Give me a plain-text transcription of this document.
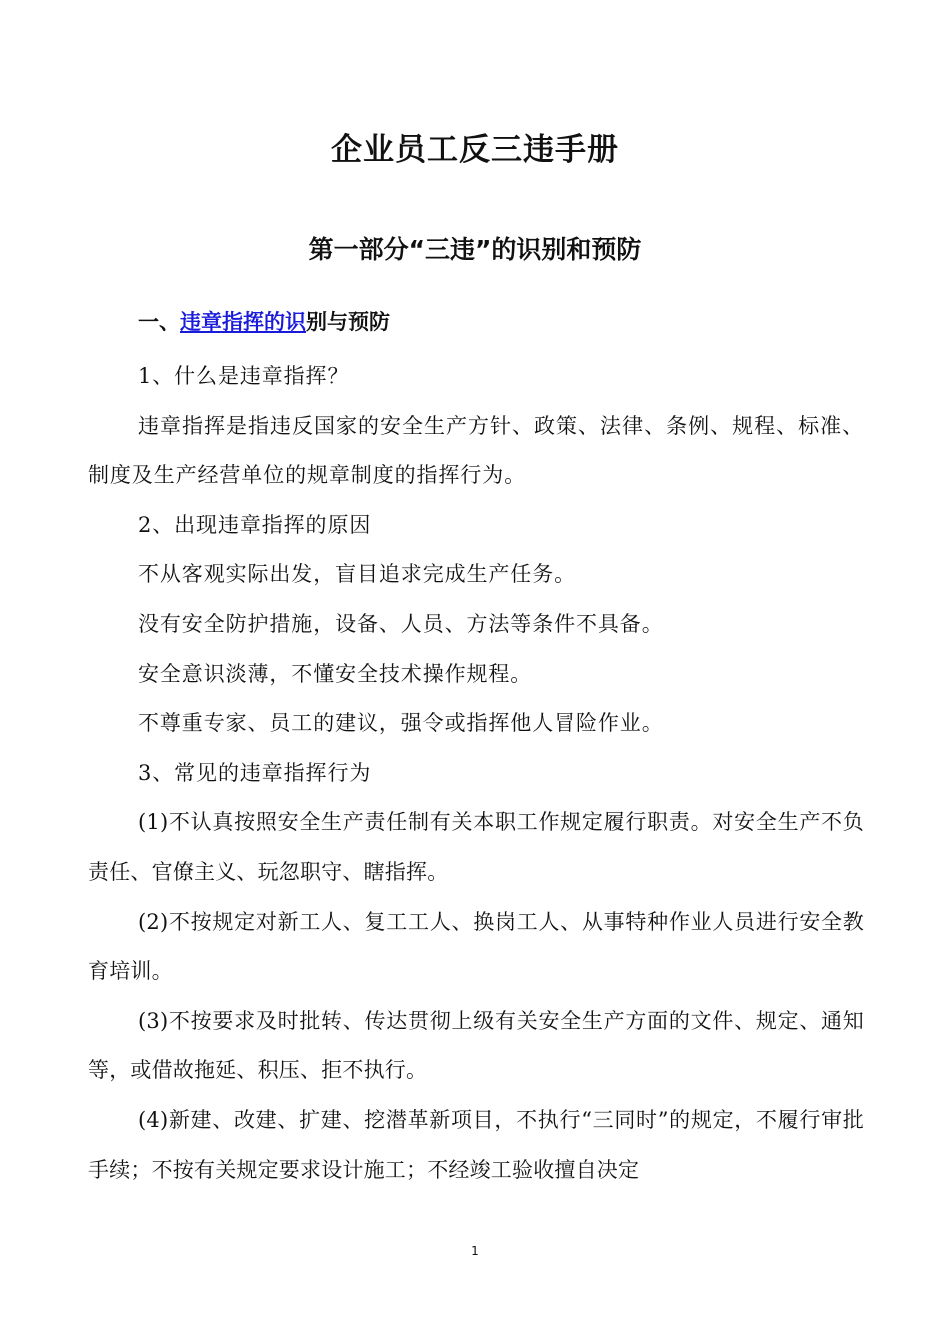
企业员工反三违手册
第一部分“三违”的识别和预防
一、违章指挥的识别与预防

1、什么是违章指挥？

违章指挥是指违反国家的安全生产方针、政策、法律、条例、规程、标准、制度及生产经营单位的规章制度的指挥行为。

2、出现违章指挥的原因

不从客观实际出发，盲目追求完成生产任务。

没有安全防护措施，设备、人员、方法等条件不具备。

安全意识淡薄，不懂安全技术操作规程。

不尊重专家、员工的建议，强令或指挥他人冒险作业。

3、常见的违章指挥行为

(1)不认真按照安全生产责任制有关本职工作规定履行职责。对安全生产不负责任、官僚主义、玩忽职守、瞎指挥。

(2)不按规定对新工人、复工工人、换岗工人、从事特种作业人员进行安全教育培训。

(3)不按要求及时批转、传达贯彻上级有关安全生产方面的文件、规定、通知等，或借故拖延、积压、拒不执行。

(4)新建、改建、扩建、挖潜革新项目，不执行“三同时”的规定，不履行审批手续；不按有关规定要求设计施工；不经竣工验收擅自决定

1
